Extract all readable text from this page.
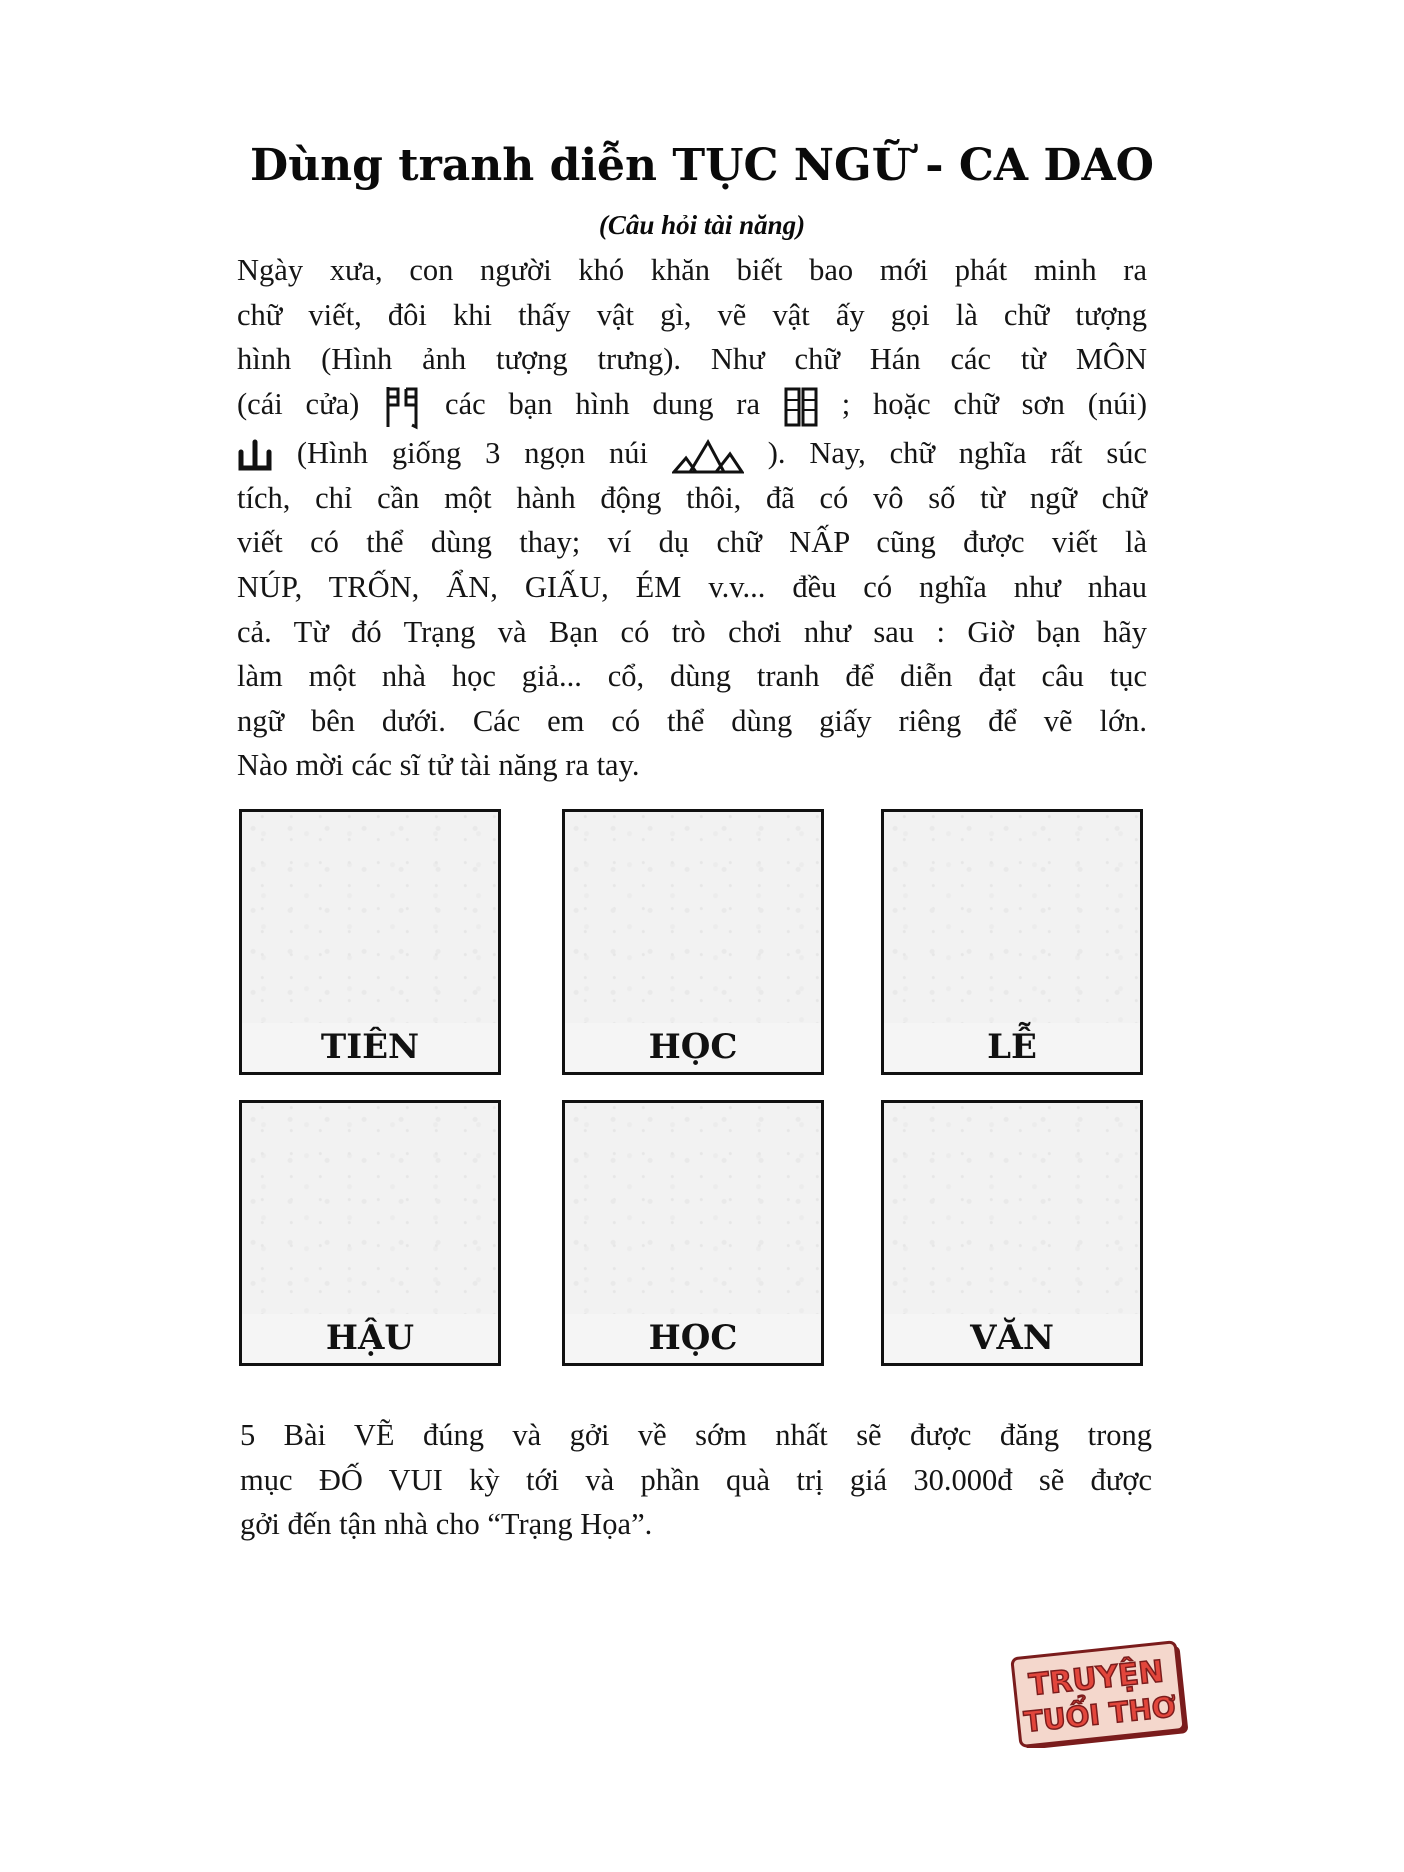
Dùng tranh diễn TỤC NGỮ - CA DAO
(Câu hỏi tài năng)
Ngày xưa, con người khó khăn biết bao mới phát minh ra
chữ viết, đôi khi thấy vật gì, vẽ vật ấy gọi là chữ tượng
hình (Hình ảnh tượng trưng). Như chữ Hán các từ MÔN
(cái cửa)
các bạn hình dung ra
; hoặc chữ sơn (núi)
(Hình giống 3 ngọn núi	). Nay, chữ nghĩa rất súc
tích, chỉ cần một hành động thôi, đã có vô số từ ngữ chữ
viết có thể dùng thay; ví dụ chữ NẤP cũng được viết là
NÚP, TRỐN, ẨN, GIẤU, ÉM v.v... đều có nghĩa như nhau
cả. Từ đó Trạng và Bạn có trò chơi như sau : Giờ bạn hãy
làm một nhà học giả... cổ, dùng tranh để diễn đạt câu tục
ngữ bên dưới. Các em có thể dùng giấy riêng để vẽ lớn.
Nào mời các sĩ tử tài năng ra tay.
TIÊN	HỌC	LỄ
HẬU	HỌC	VĂN
5 Bài VẼ đúng và gởi về sớm nhất sẽ được đăng trong
mục ĐỐ VUI kỳ tới và phần quà trị giá 30.000đ sẽ được
gởi đến tận nhà cho “Trạng Họa”.
TRUYỆN
TUỔI THƠ
